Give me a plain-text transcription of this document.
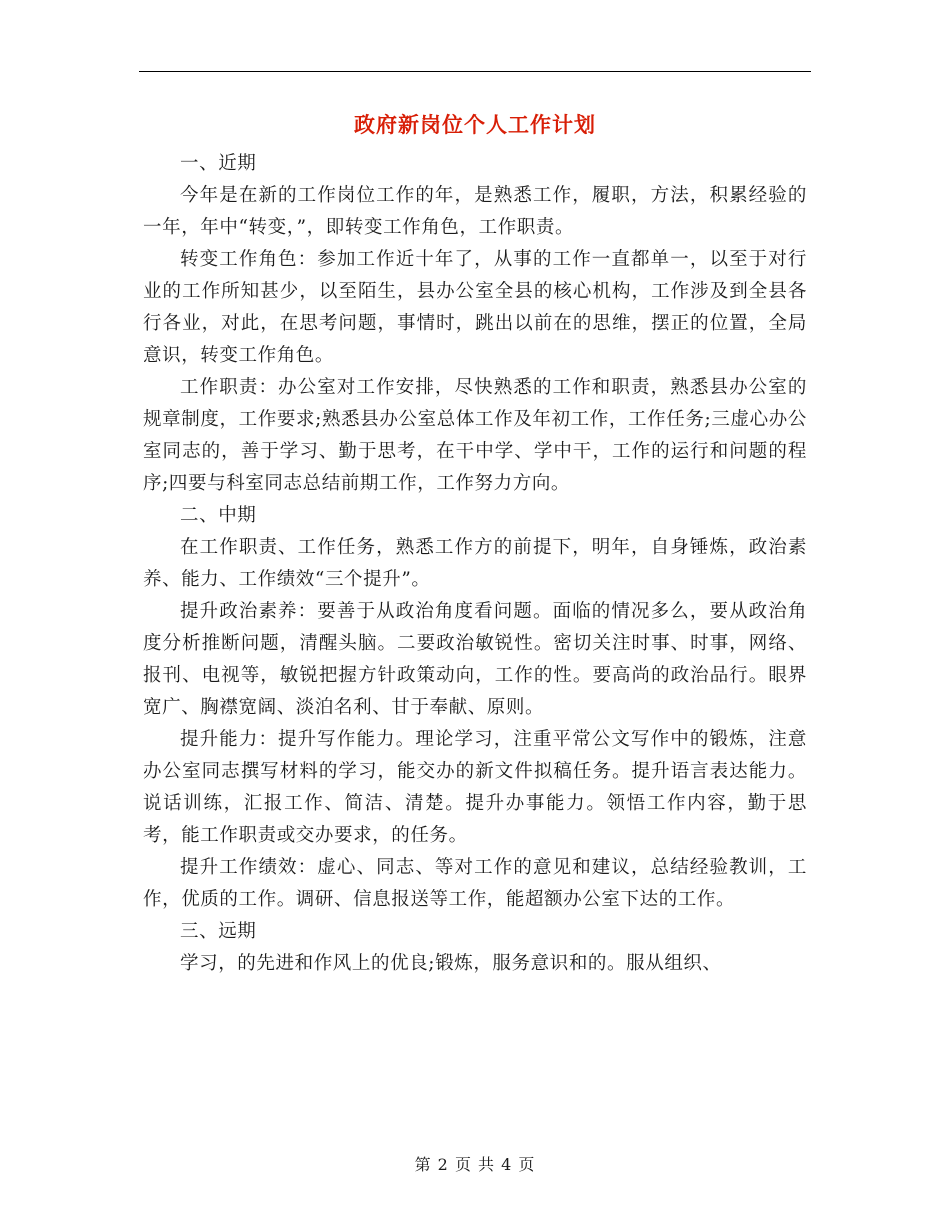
政府新岗位个人工作计划

一、近期

今年是在新的工作岗位工作的年，是熟悉工作，履职，方法，积累经验的一年，年中“转变，”，即转变工作角色，工作职责。

转变工作角色：参加工作近十年了，从事的工作一直都单一，以至于对行业的工作所知甚少，以至陌生，县办公室全县的核心机构，工作涉及到全县各行各业，对此，在思考问题，事情时，跳出以前在的思维，摆正的位置，全局意识，转变工作角色。

工作职责：办公室对工作安排，尽快熟悉的工作和职责，熟悉县办公室的规章制度，工作要求;熟悉县办公室总体工作及年初工作，工作任务;三虚心办公室同志的，善于学习、勤于思考，在干中学、学中干，工作的运行和问题的程序;四要与科室同志总结前期工作，工作努力方向。

二、中期

在工作职责、工作任务，熟悉工作方的前提下，明年，自身锤炼，政治素养、能力、工作绩效“三个提升”。

提升政治素养：要善于从政治角度看问题。面临的情况多么，要从政治角度分析推断问题，清醒头脑。二要政治敏锐性。密切关注时事、时事，网络、报刊、电视等，敏锐把握方针政策动向，工作的性。要高尚的政治品行。眼界宽广、胸襟宽阔、淡泊名利、甘于奉献、原则。

提升能力：提升写作能力。理论学习，注重平常公文写作中的锻炼，注意办公室同志撰写材料的学习，能交办的新文件拟稿任务。提升语言表达能力。说话训练，汇报工作、简洁、清楚。提升办事能力。领悟工作内容，勤于思考，能工作职责或交办要求，的任务。

提升工作绩效：虚心、同志、等对工作的意见和建议，总结经验教训，工作，优质的工作。调研、信息报送等工作，能超额办公室下达的工作。

三、远期

学习，的先进和作风上的优良;锻炼，服务意识和的。服从组织、

第 2 页 共 4 页
